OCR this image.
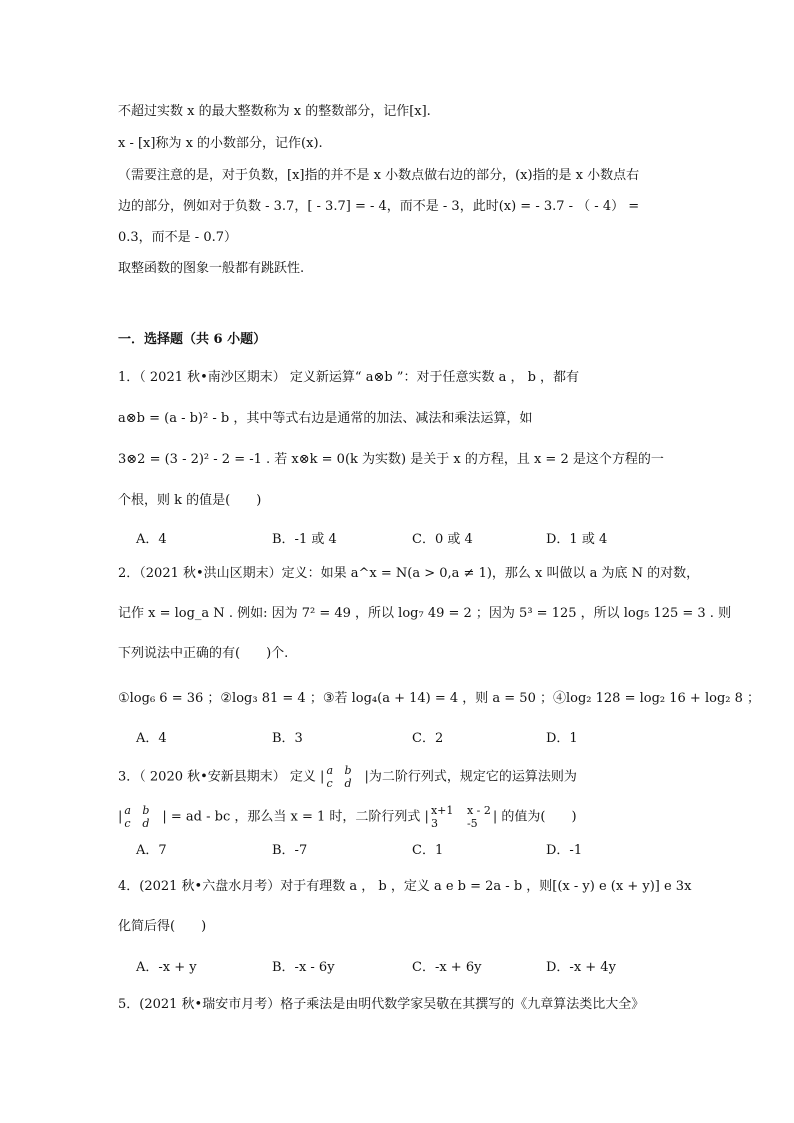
不超过实数 x 的最大整数称为 x 的整数部分，记作[x].
x - [x]称为 x 的小数部分，记作(x).
（需要注意的是，对于负数，[x]指的并不是 x 小数点做右边的部分，(x)指的是 x 小数点右
边的部分，例如对于负数 - 3.7，[ - 3.7] = - 4，而不是 - 3，此时(x) = - 3.7 - （ - 4） =
0.3，而不是 - 0.7）
取整函数的图象一般都有跳跃性.
一．选择题（共 6 小题）
1．（ 2021 秋•南沙区期末） 定义新运算“ a⊗b ”：对于任意实数 a ， b ，都有
a⊗b = (a - b)² - b ，其中等式右边是通常的加法、减法和乘法运算，如
3⊗2 = (3 - 2)² - 2 = -1 . 若 x⊗k = 0(k 为实数) 是关于 x 的方程，且 x = 2 是这个方程的一
个根，则 k 的值是(　　)
A．4	B．-1 或 4	C．0 或 4	D．1 或 4
2．（2021 秋•洪山区期末）定义：如果 a^x = N(a > 0,a ≠ 1)，那么 x 叫做以 a 为底 N 的对数，
记作 x = log_a N . 例如: 因为 7² = 49 ，所以 log₇ 49 = 2 ；因为 5³ = 125 ，所以 log₅ 125 = 3 . 则
下列说法中正确的有(　　)个.
①log₆ 6 = 36 ；②log₃ 81 = 4 ；③若 log₄(a + 14) = 4 ，则 a = 50 ；④log₂ 128 = log₂ 16 + log₂ 8 ；
A．4	B．3	C．2	D．1
3．（ 2020 秋•安新县期末） 定义 | a b
c d |为二阶行列式，规定它的运算法则为
| a b
c d | = ad - bc ，那么当 x = 1 时，二阶行列式 | x+1 x - 2
3	-5	| 的值为(　　)
A．7	B．-7	C．1	D．-1
4．(2021 秋•六盘水月考）对于有理数 a ， b ，定义 a e b = 2a - b ，则[(x - y) e (x + y)] e 3x
化简后得(　　)
A．-x + y	B．-x - 6y	C．-x + 6y	D．-x + 4y
5．(2021 秋•瑞安市月考）格子乘法是由明代数学家吴敬在其撰写的《九章算法类比大全》
